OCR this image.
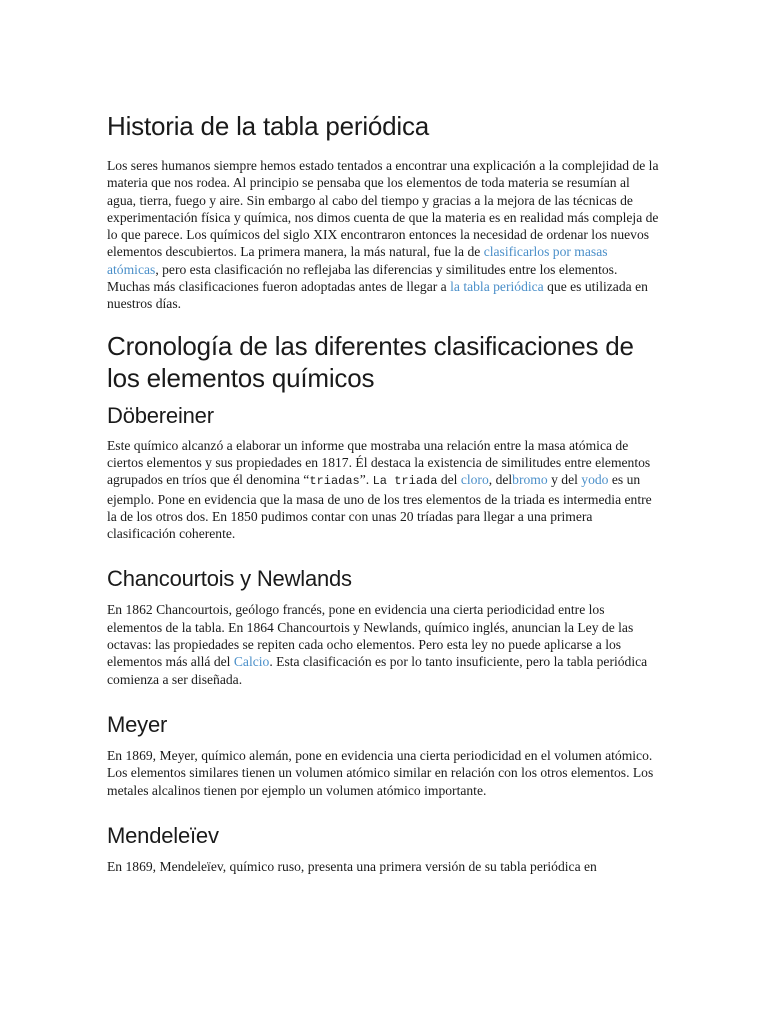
Historia de la tabla periódica

Los seres humanos siempre hemos estado tentados a encontrar una explicación a la complejidad de la materia que nos rodea. Al principio se pensaba que los elementos de toda materia se resumían al agua, tierra, fuego y aire. Sin embargo al cabo del tiempo y gracias a la mejora de las técnicas de experimentación física y química, nos dimos cuenta de que la materia es en realidad más compleja de lo que parece. Los químicos del siglo XIX encontraron entonces la necesidad de ordenar los nuevos elementos descubiertos. La primera manera, la más natural, fue la de clasificarlos por masas atómicas, pero esta clasificación no reflejaba las diferencias y similitudes entre los elementos. Muchas más clasificaciones fueron adoptadas antes de llegar a la tabla periódica que es utilizada en nuestros días.

Cronología de las diferentes clasificaciones de los elementos químicos
Döbereiner

Este químico alcanzó a elaborar un informe que mostraba una relación entre la masa atómica de ciertos elementos y sus propiedades en 1817. Él destaca la existencia de similitudes entre elementos agrupados en tríos que él denomina “triadas”. La triada del cloro, delbromo y del yodo es un ejemplo. Pone en evidencia que la masa de uno de los tres elementos de la triada es intermedia entre la de los otros dos. En 1850 pudimos contar con unas 20 tríadas para llegar a una primera clasificación coherente.

Chancourtois y Newlands

En 1862 Chancourtois, geólogo francés, pone en evidencia una cierta periodicidad entre los elementos de la tabla. En 1864 Chancourtois y Newlands, químico inglés, anuncian la Ley de las octavas: las propiedades se repiten cada ocho elementos. Pero esta ley no puede aplicarse a los elementos más allá del Calcio. Esta clasificación es por lo tanto insuficiente, pero la tabla periódica comienza a ser diseñada.

Meyer

En 1869, Meyer, químico alemán, pone en evidencia una cierta periodicidad en el volumen atómico. Los elementos similares tienen un volumen atómico similar en relación con los otros elementos. Los metales alcalinos tienen por ejemplo un volumen atómico importante.

Mendeleïev

En 1869, Mendeleïev, químico ruso, presenta una primera versión de su tabla periódica en
